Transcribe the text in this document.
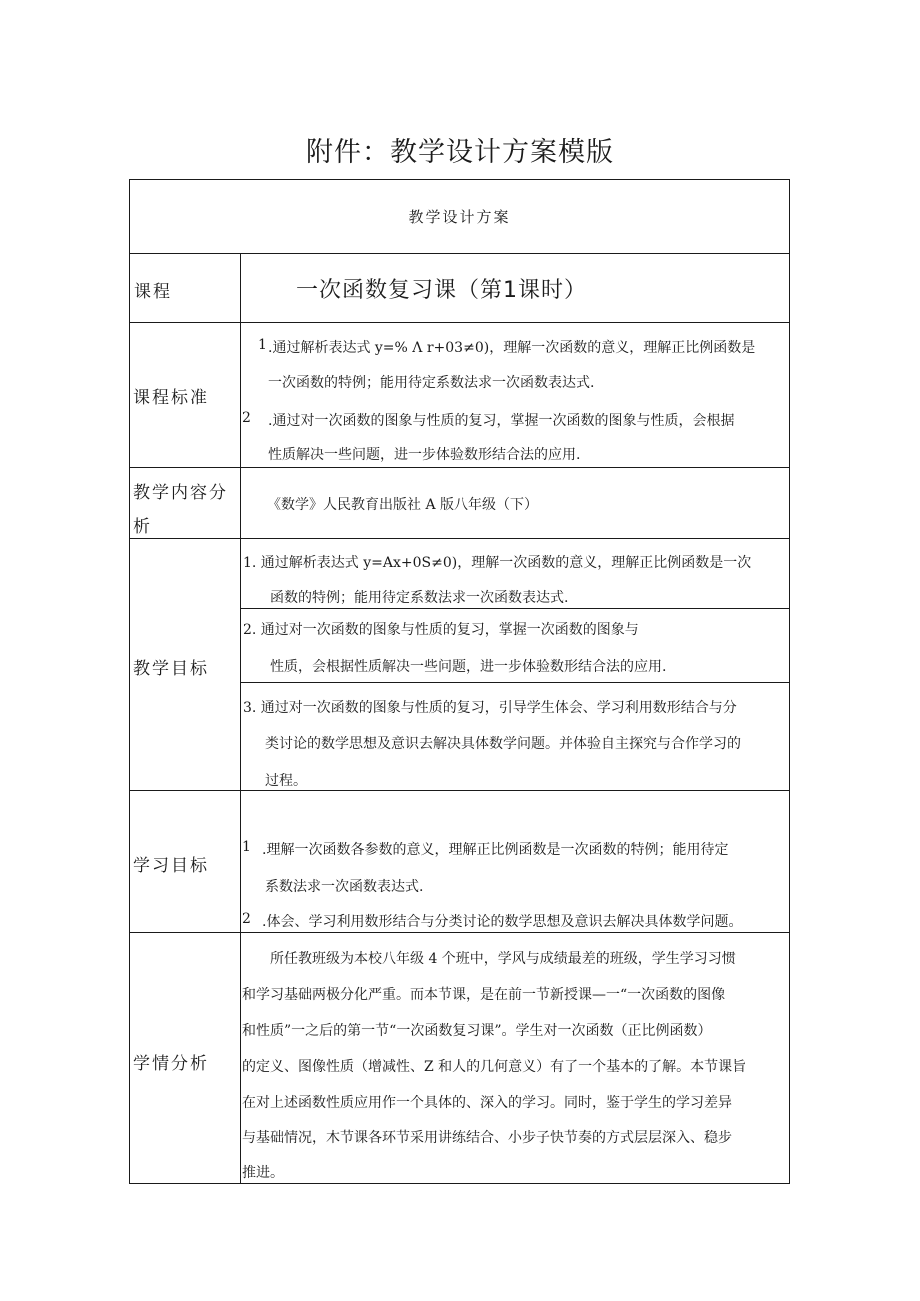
附件：教学设计方案模版
教学设计方案
课程	一次函数复习课（第1课时）
课程标准
1 .通过解析表达式 y=% Λ r+03≠0)，理解一次函数的意义，理解正比例函数是
一次函数的特例；能用待定系数法求一次函数表达式.
2 .通过对一次函数的图象与性质的复习，掌握一次函数的图象与性质，会根据
性质解决一些问题，进一步体验数形结合法的应用.
教学内容分
析
《数学》人民教育出版社 A 版八年级（下）
教学目标
1. 通过解析表达式 y=Ax+0S≠0)，理解一次函数的意义，理解正比例函数是一次
函数的特例；能用待定系数法求一次函数表达式.
2. 通过对一次函数的图象与性质的复习，掌握一次函数的图象与
性质，会根据性质解决一些问题，进一步体验数形结合法的应用.
3. 通过对一次函数的图象与性质的复习，引导学生体会、学习利用数形结合与分
类讨论的数学思想及意识去解决具体数学问题。并体验自主探究与合作学习的
过程。
学习目标
1 .理解一次函数各参数的意义，理解正比例函数是一次函数的特例；能用待定
系数法求一次函数表达式.
2 .体会、学习利用数形结合与分类讨论的数学思想及意识去解决具体数学问题。
学情分析
所任教班级为本校八年级 4 个班中，学风与成绩最差的班级，学生学习习惯
和学习基础两极分化严重。而本节课，是在前一节新授课—一“一次函数的图像
和性质”一之后的第一节“一次函数复习课”。学生对一次函数（正比例函数）
的定义、图像性质（增减性、Z 和人的几何意义）有了一个基本的了解。本节课旨
在对上述函数性质应用作一个具体的、深入的学习。同时，鉴于学生的学习差异
与基础情况，木节课各环节采用讲练结合、小步子快节奏的方式层层深入、稳步
推进。
